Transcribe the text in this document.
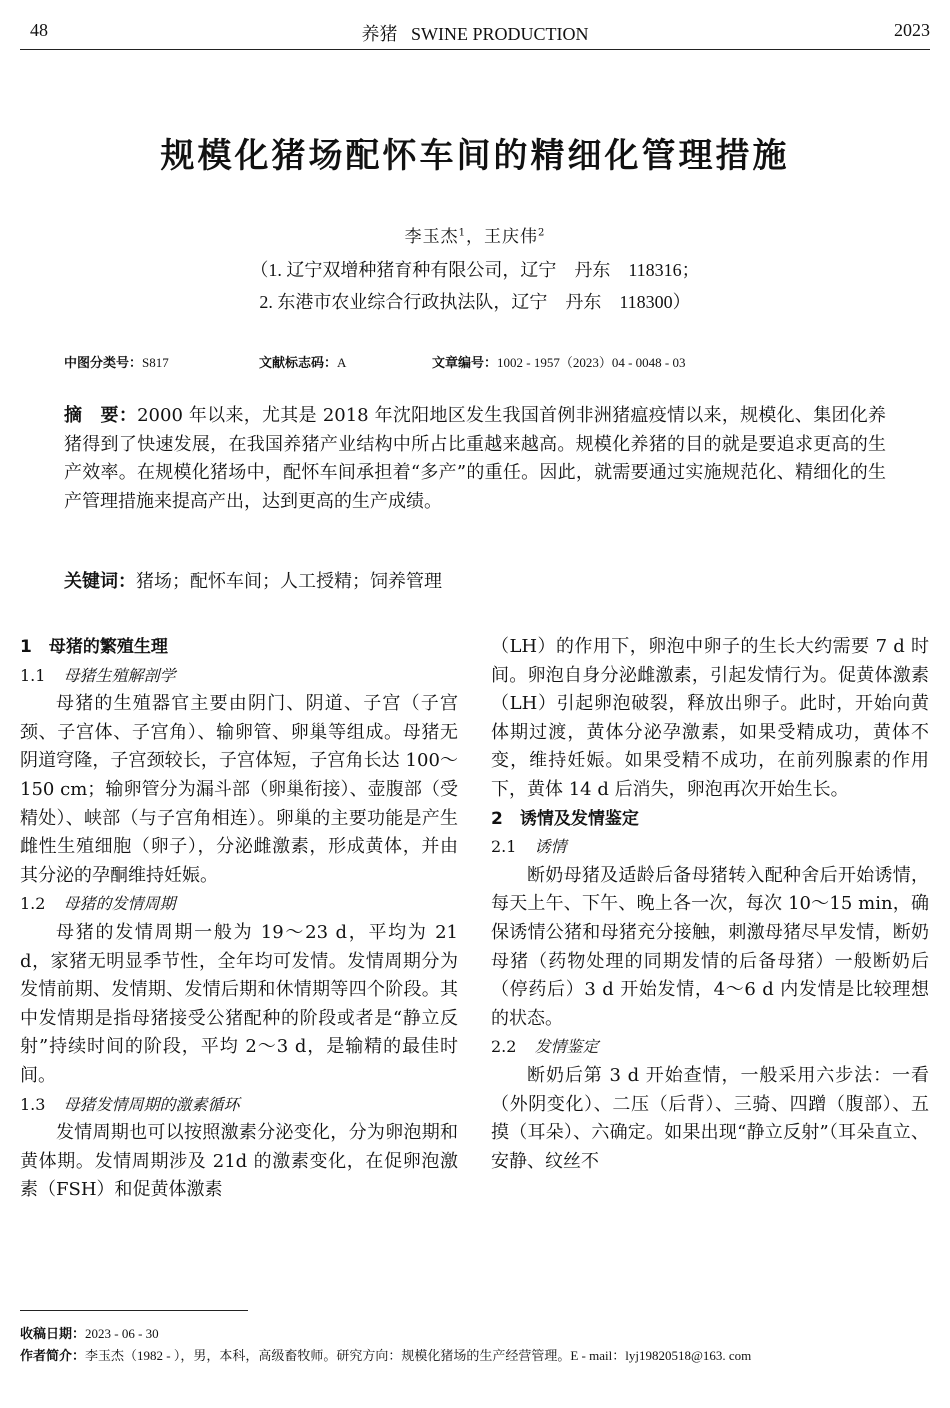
48	养猪   SWINE PRODUCTION	2023
规模化猪场配怀车间的精细化管理措施
李玉杰$^1$，王庆伟$^2$
（1. 辽宁双增种猪育种有限公司，辽宁　丹东　118316；
2. 东港市农业综合行政执法队，辽宁　丹东　118300）
中图分类号：S817	文献标志码：A	文章编号：1002 - 1957（2023）04 - 0048 - 03
摘　要：2000 年以来，尤其是 2018 年沈阳地区发生我国首例非洲猪瘟疫情以来，规模化、集团化养猪得到了快速发展，在我国养猪产业结构中所占比重越来越高。规模化养猪的目的就是要追求更高的生产效率。在规模化猪场中，配怀车间承担着“多产”的重任。因此，就需要通过实施规范化、精细化的生产管理措施来提高产出，达到更高的生产成绩。
关键词：猪场；配怀车间；人工授精；饲养管理

1　母猪的繁殖生理

1.1 母猪生殖解剖学

母猪的生殖器官主要由阴门、阴道、子宫（子宫颈、子宫体、子宫角）、输卵管、卵巢等组成。母猪无阴道穹隆，子宫颈较长，子宫体短，子宫角长达 100～150 cm；输卵管分为漏斗部（卵巢衔接）、壶腹部（受精处）、峡部（与子宫角相连）。卵巢的主要功能是产生雌性生殖细胞（卵子），分泌雌激素，形成黄体，并由其分泌的孕酮维持妊娠。

1.2 母猪的发情周期

母猪的发情周期一般为 19～23 d，平均为 21 d，家猪无明显季节性，全年均可发情。发情周期分为发情前期、发情期、发情后期和休情期等四个阶段。其中发情期是指母猪接受公猪配种的阶段或者是“静立反射”持续时间的阶段，平均 2～3 d，是输精的最佳时间。

1.3 母猪发情周期的激素循环

发情周期也可以按照激素分泌变化，分为卵泡期和黄体期。发情周期涉及 21d 的激素变化，在促卵泡激素（FSH）和促黄体激素

（LH）的作用下，卵泡中卵子的生长大约需要 7 d 时间。卵泡自身分泌雌激素，引起发情行为。促黄体激素（LH）引起卵泡破裂，释放出卵子。此时，开始向黄体期过渡，黄体分泌孕激素，如果受精成功，黄体不变，维持妊娠。如果受精不成功，在前列腺素的作用下，黄体 14 d 后消失，卵泡再次开始生长。

2　诱情及发情鉴定

2.1 诱情

断奶母猪及适龄后备母猪转入配种舍后开始诱情，每天上午、下午、晚上各一次，每次 10～15 min，确保诱情公猪和母猪充分接触，刺激母猪尽早发情，断奶母猪（药物处理的同期发情的后备母猪）一般断奶后（停药后）3 d 开始发情，4～6 d 内发情是比较理想的状态。

2.2 发情鉴定

断奶后第 3 d 开始查情，一般采用六步法：一看（外阴变化）、二压（后背）、三骑、四蹭（腹部）、五摸（耳朵）、六确定。如果出现“静立反射”（耳朵直立、安静、纹丝不

收稿日期：2023 - 06 - 30
作者简介：李玉杰（1982 - ），男，本科，高级畜牧师。研究方向：规模化猪场的生产经营管理。E - mail：lyj19820518@163. com
